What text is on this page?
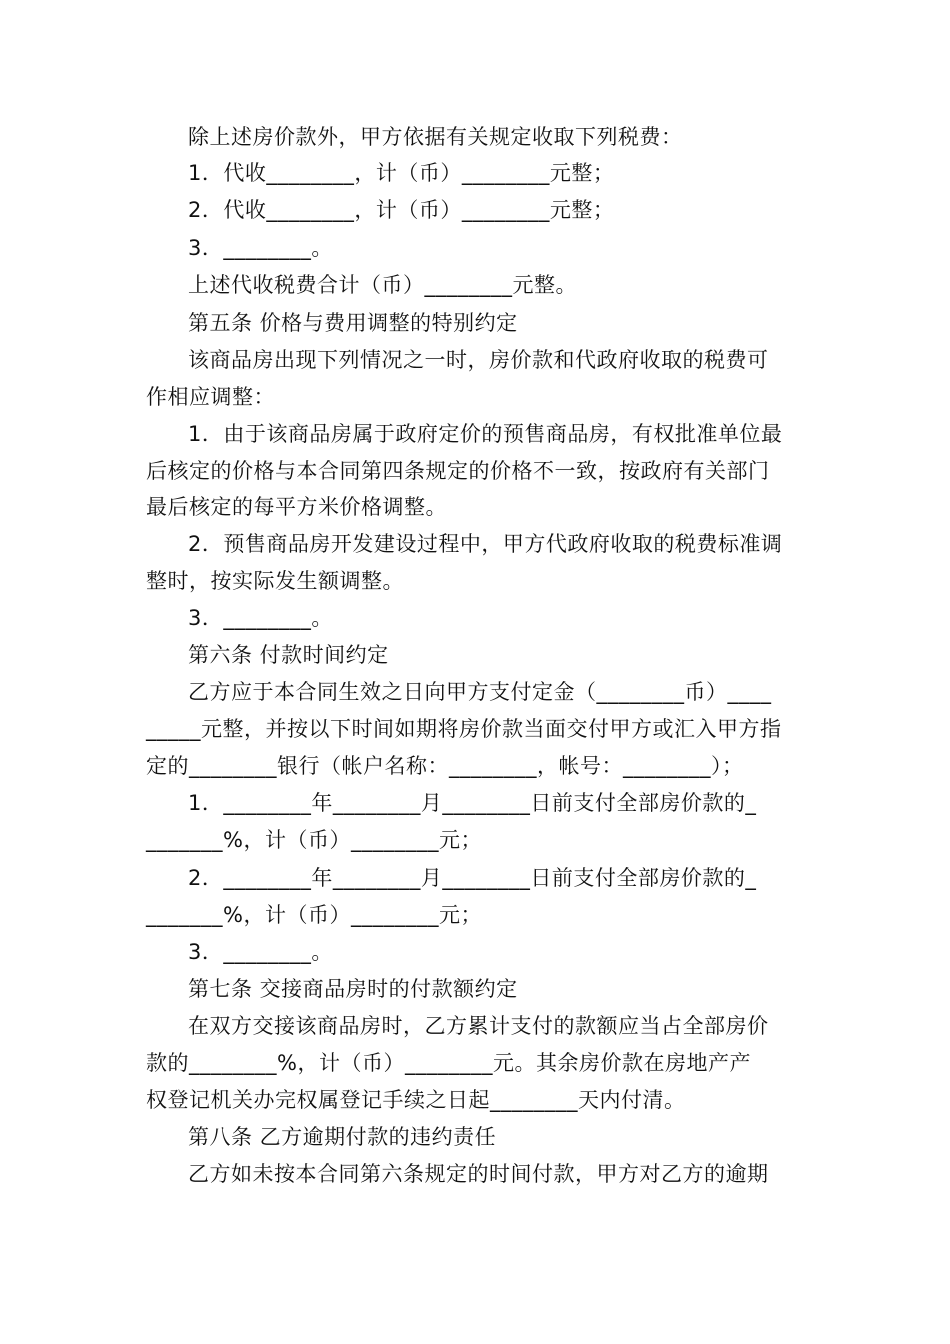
除上述房价款外，甲方依据有关规定收取下列税费：
1．代收________，计（币）________元整；
2．代收________，计（币）________元整；
3．________。
上述代收税费合计（币）________元整。
第五条 价格与费用调整的特别约定
该商品房出现下列情况之一时，房价款和代政府收取的税费可
作相应调整：
1．由于该商品房属于政府定价的预售商品房，有权批准单位最
后核定的价格与本合同第四条规定的价格不一致，按政府有关部门
最后核定的每平方米价格调整。
2．预售商品房开发建设过程中，甲方代政府收取的税费标准调
整时，按实际发生额调整。
3．________。
第六条 付款时间约定
乙方应于本合同生效之日向甲方支付定金（________币）____
_____元整，并按以下时间如期将房价款当面交付甲方或汇入甲方指
定的________银行（帐户名称：________，帐号：________）；
1．________年________月________日前支付全部房价款的_
_______%，计（币）________元；
2．________年________月________日前支付全部房价款的_
_______%，计（币）________元；
3．________。
第七条 交接商品房时的付款额约定
在双方交接该商品房时，乙方累计支付的款额应当占全部房价
款的________%，计（币）________元。其余房价款在房地产产
权登记机关办完权属登记手续之日起________天内付清。
第八条 乙方逾期付款的违约责任
乙方如未按本合同第六条规定的时间付款，甲方对乙方的逾期
